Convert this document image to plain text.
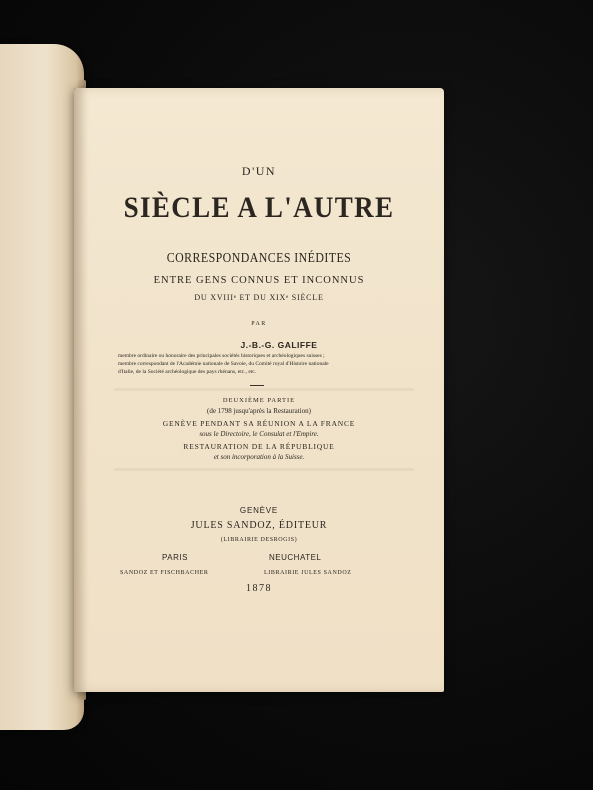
D'UN
SIÈCLE A L'AUTRE
CORRESPONDANCES INÉDITES
ENTRE GENS CONNUS ET INCONNUS
DU XVIIIᵉ ET DU XIXᵉ SIÈCLE
PAR
J.-B.-G. GALIFFE
membre ordinaire ou honoraire des principales sociétés historiques et archéologiques suisses ;
membre correspondant de l'Académie nationale de Savoie, du Comité royal d'Histoire nationale
d'Italie, de la Société archéologique des pays rhénans, etc., etc.
DEUXIÈME PARTIE
(de 1798 jusqu'après la Restauration)
GENÈVE PENDANT SA RÉUNION A LA FRANCE
sous le Directoire, le Consulat et l'Empire.
RESTAURATION DE LA RÉPUBLIQUE
et son incorporation à la Suisse.
GENÈVE
JULES SANDOZ, ÉDITEUR
(LIBRAIRIE DESROGIS)
PARIS	NEUCHATEL
SANDOZ ET FISCHBACHER	LIBRAIRIE JULES SANDOZ
1878
